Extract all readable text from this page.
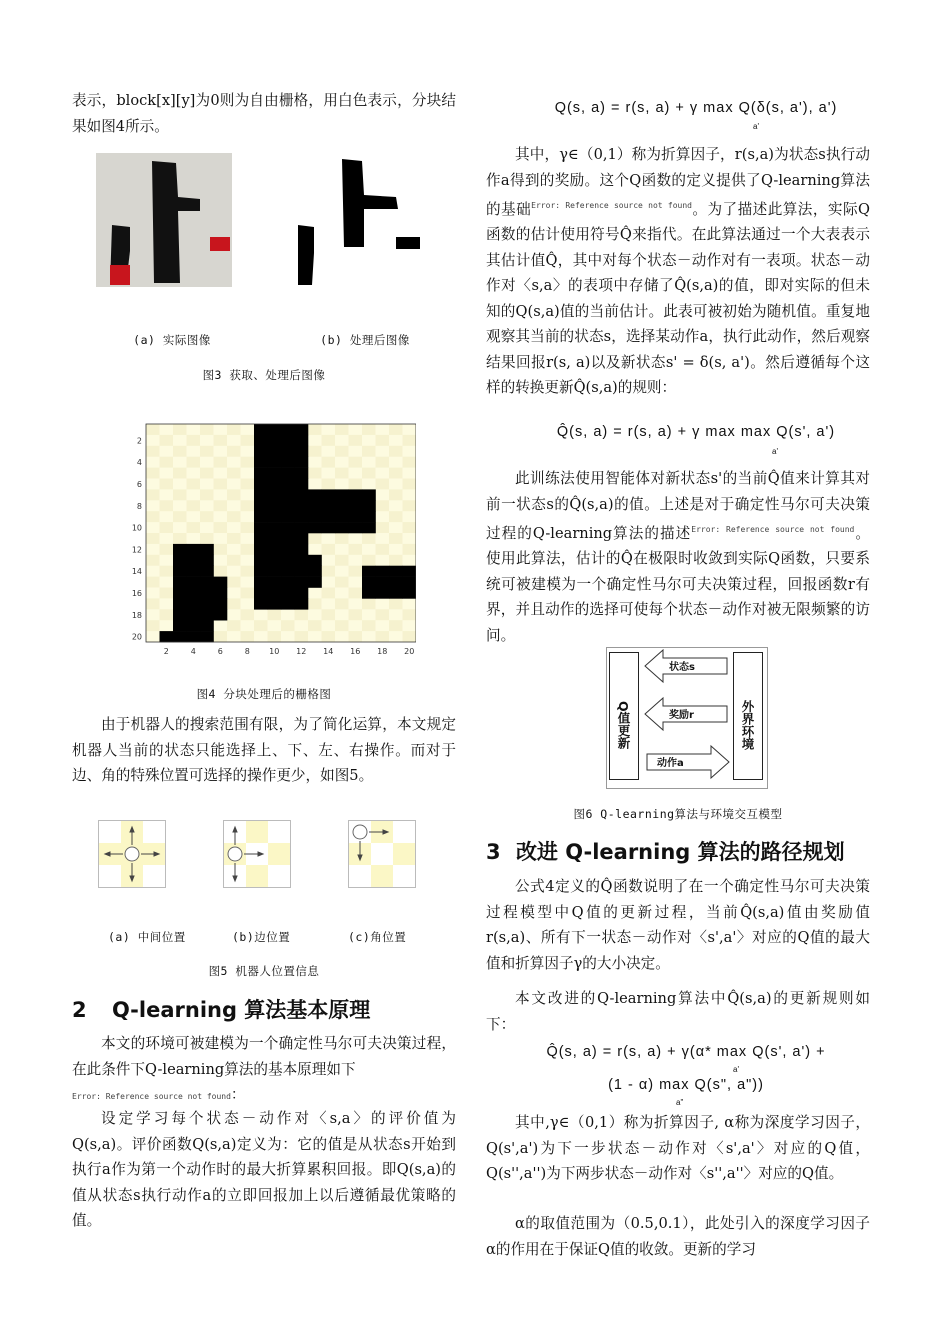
表示，block[x][y]为0则为自由栅格，用白色表示，分块结果如图4所示。

(a) 实际图像	(b) 处理后图像
图3 获取、处理后图像
2	4	6	8 10 12 14 16 18 20
2
4
6
8
10
12
14
16
18
20
图4 分块处理后的栅格图

由于机器人的搜索范围有限，为了简化运算，本文规定机器人当前的状态只能选择上、下、左、右操作。而对于边、角的特殊位置可选择的操作更少，如图5。

(a) 中间位置	(b)边位置	(c)角位置
图5 机器人位置信息
2 Q-learning 算法基本原理

本文的环境可被建模为一个确定性马尔可夫决策过程，在此条件下Q-learning算法的基本原理如下

Error: Reference source not found：

设定学习每个状态－动作对〈s,a〉的评价值为Q(s,a)。评价函数Q(s,a)定义为：它的值是从状态s开始到执行a作为第一个动作时的最大折算累积回报。即Q(s,a)的值从状态s执行动作a的立即回报加上以后遵循最优策略的值。

Q(s, a) = r(s, a) + γ max Q(δ(s, a'), a')
a'

其中，γ∈（0,1）称为折算因子，r(s,a)为状态s执行动作a得到的奖励。这个Q函数的定义提供了Q-learning算法的基础$^{Error: Reference source not found}$。为了描述此算法，实际Q函数的估计使用符号Q̂来指代。在此算法通过一个大表表示其估计值Q̂，其中对每个状态－动作对有一表项。状态－动作对〈s,a〉的表项中存储了Q̂(s,a)的值，即对实际的但未知的Q(s,a)值的当前估计。此表可被初始为随机值。重复地观察其当前的状态s，选择某动作a，执行此动作，然后观察结果回报r(s, a)以及新状态s' = δ(s, a')。然后遵循每个这样的转换更新Q̂(s,a)的规则：

Q̂(s, a) = r(s, a) + γ max max Q(s', a')
a'

此训练法使用智能体对新状态s'的当前Q̂值来计算其对前一状态s的Q̂(s,a)的值。上述是对于确定性马尔可夫决策过程的Q-learning算法的描述$^{Error: Reference source not found}$。使用此算法，估计的Q̂在极限时收敛到实际Q函数，只要系统可被建模为一个确定性马尔可夫决策过程，回报函数r有界，并且动作的选择可使每个状态－动作对被无限频繁的访问。

Q值更新	外界环境
状态s
奖励r
动作a
图6 Q-learning算法与环境交互模型
3 改进 Q-learning 算法的路径规划

公式4定义的Q̂函数说明了在一个确定性马尔可夫决策过程模型中Q值的更新过程，当前Q̂(s,a)值由奖励值r(s,a)、所有下一状态－动作对〈s',a'〉对应的Q值的最大值和折算因子γ的大小决定。

本文改进的Q-learning算法中Q̂(s,a)的更新规则如下：

Q̂(s, a) = r(s, a) + γ(α* max Q(s', a') +
a'
(1 - α) max Q(s", a"))
a"

其中,γ∈（0,1）称为折算因子, α称为深度学习因子，Q(s',a')为下一步状态－动作对〈s',a'〉对应的Q值，Q(s'',a'')为下两步状态－动作对〈s'',a''〉对应的Q值。

α的取值范围为（0.5,0.1），此处引入的深度学习因子α的作用在于保证Q值的收敛。更新的学习
